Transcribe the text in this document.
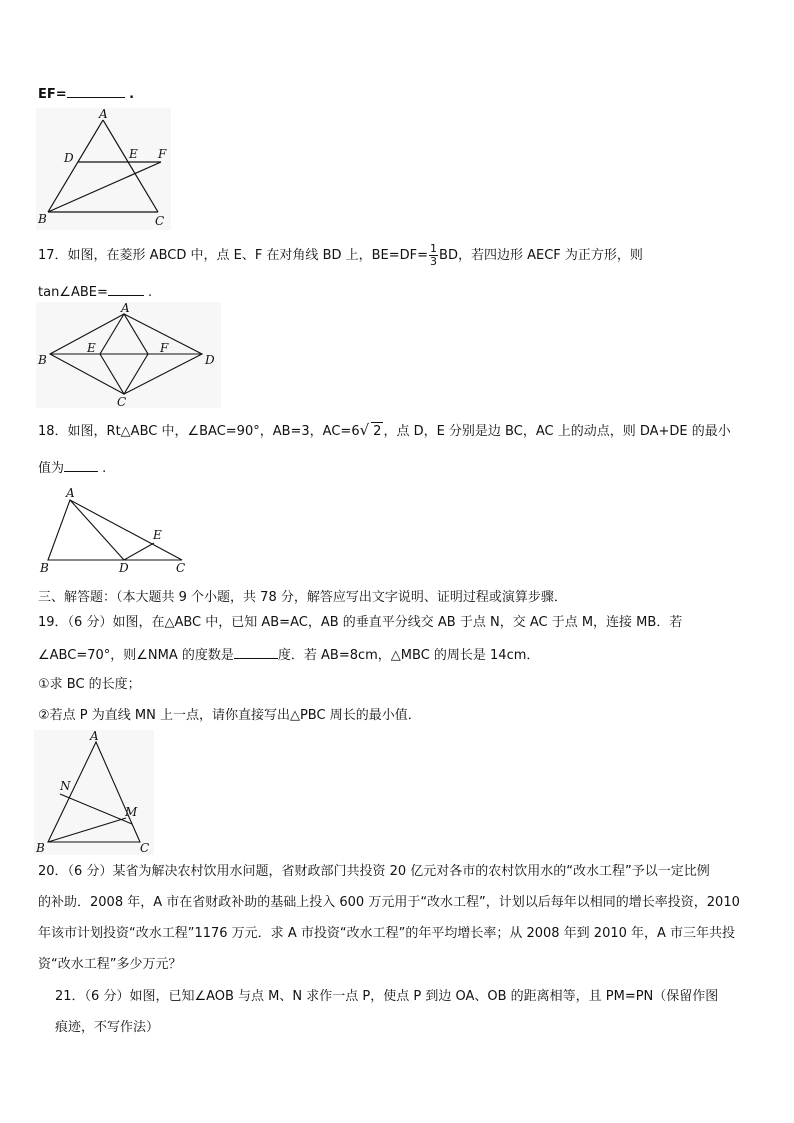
EF=	.
A
B	C
D	E F
17．如图，在菱形 ABCD 中，点 E、F 在对角线 BD 上，$BE=DF= \frac{1}{3}$ BD，若四边形 AECF 为正方形，则
tan∠ABE=	.
A
B
C
D
E	F
18．如图，Rt△ABC 中，∠BAC=90°，AB=3，AC=6√ 2 ，点 D，E 分别是边 BC，AC 上的动点，则 DA+DE 的最小
值为	.
A
B	C
D
E
三、解答题：（本大题共 9 个小题，共 78 分，解答应写出文字说明、证明过程或演算步骤．
19．（6 分）如图，在△ABC 中，已知 AB=AC，AB 的垂直平分线交 AB 于点 N，交 AC 于点 M，连接 MB．若
∠ABC=70°，则∠NMA 的度数是	度．若 AB=8cm，△MBC 的周长是 14cm．
①求 BC 的长度；
②若点 P 为直线 MN 上一点，请你直接写出△PBC 周长的最小值．
A
B	C
N
M
20．（6 分）某省为解决农村饮用水问题，省财政部门共投资 20 亿元对各市的农村饮用水的“改水工程”予以一定比例
的补助．2008 年，A 市在省财政补助的基础上投入 600 万元用于“改水工程”，计划以后每年以相同的增长率投资，2010
年该市计划投资“改水工程”1176 万元．求 A 市投资“改水工程”的年平均增长率；从 2008 年到 2010 年，A 市三年共投
资“改水工程”多少万元？
21．（6 分）如图，已知∠AOB 与点 M、N 求作一点 P，使点 P 到边 OA、OB 的距离相等，且 PM=PN（保留作图
痕迹，不写作法）
